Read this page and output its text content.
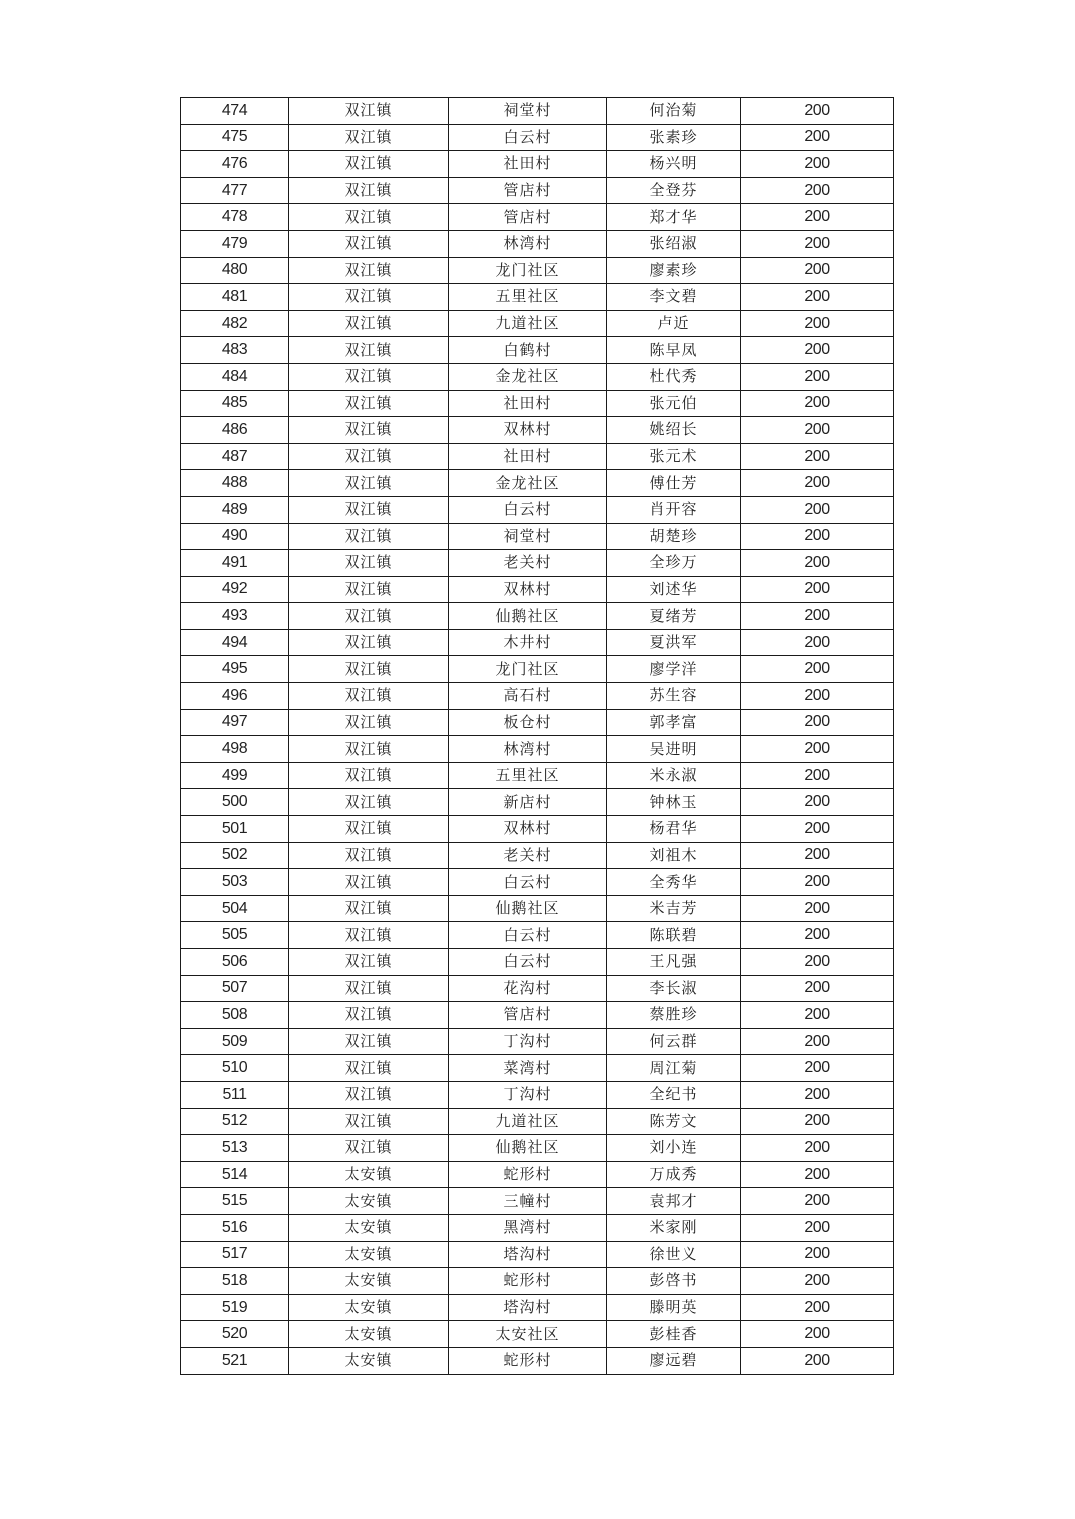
474	双江镇	祠堂村	何治菊	200
475	双江镇	白云村	张素珍	200
476	双江镇	社田村	杨兴明	200
477	双江镇	管店村	全登芬	200
478	双江镇	管店村	郑才华	200
479	双江镇	林湾村	张绍淑	200
480	双江镇	龙门社区	廖素珍	200
481	双江镇	五里社区	李文碧	200
482	双江镇	九道社区	卢近	200
483	双江镇	白鹤村	陈早凤	200
484	双江镇	金龙社区	杜代秀	200
485	双江镇	社田村	张元伯	200
486	双江镇	双林村	姚绍长	200
487	双江镇	社田村	张元术	200
488	双江镇	金龙社区	傅仕芳	200
489	双江镇	白云村	肖开容	200
490	双江镇	祠堂村	胡楚珍	200
491	双江镇	老关村	全珍万	200
492	双江镇	双林村	刘述华	200
493	双江镇	仙鹅社区	夏绪芳	200
494	双江镇	木井村	夏洪军	200
495	双江镇	龙门社区	廖学洋	200
496	双江镇	高石村	苏生容	200
497	双江镇	板仓村	郭孝富	200
498	双江镇	林湾村	吴进明	200
499	双江镇	五里社区	米永淑	200
500	双江镇	新店村	钟林玉	200
501	双江镇	双林村	杨君华	200
502	双江镇	老关村	刘祖木	200
503	双江镇	白云村	全秀华	200
504	双江镇	仙鹅社区	米吉芳	200
505	双江镇	白云村	陈联碧	200
506	双江镇	白云村	王凡强	200
507	双江镇	花沟村	李长淑	200
508	双江镇	管店村	蔡胜珍	200
509	双江镇	丁沟村	何云群	200
510	双江镇	菜湾村	周江菊	200
511	双江镇	丁沟村	全纪书	200
512	双江镇	九道社区	陈芳文	200
513	双江镇	仙鹅社区	刘小连	200
514	太安镇	蛇形村	万成秀	200
515	太安镇	三幢村	袁邦才	200
516	太安镇	黑湾村	米家刚	200
517	太安镇	塔沟村	徐世义	200
518	太安镇	蛇形村	彭啓书	200
519	太安镇	塔沟村	滕明英	200
520	太安镇	太安社区	彭桂香	200
521	太安镇	蛇形村	廖远碧	200
